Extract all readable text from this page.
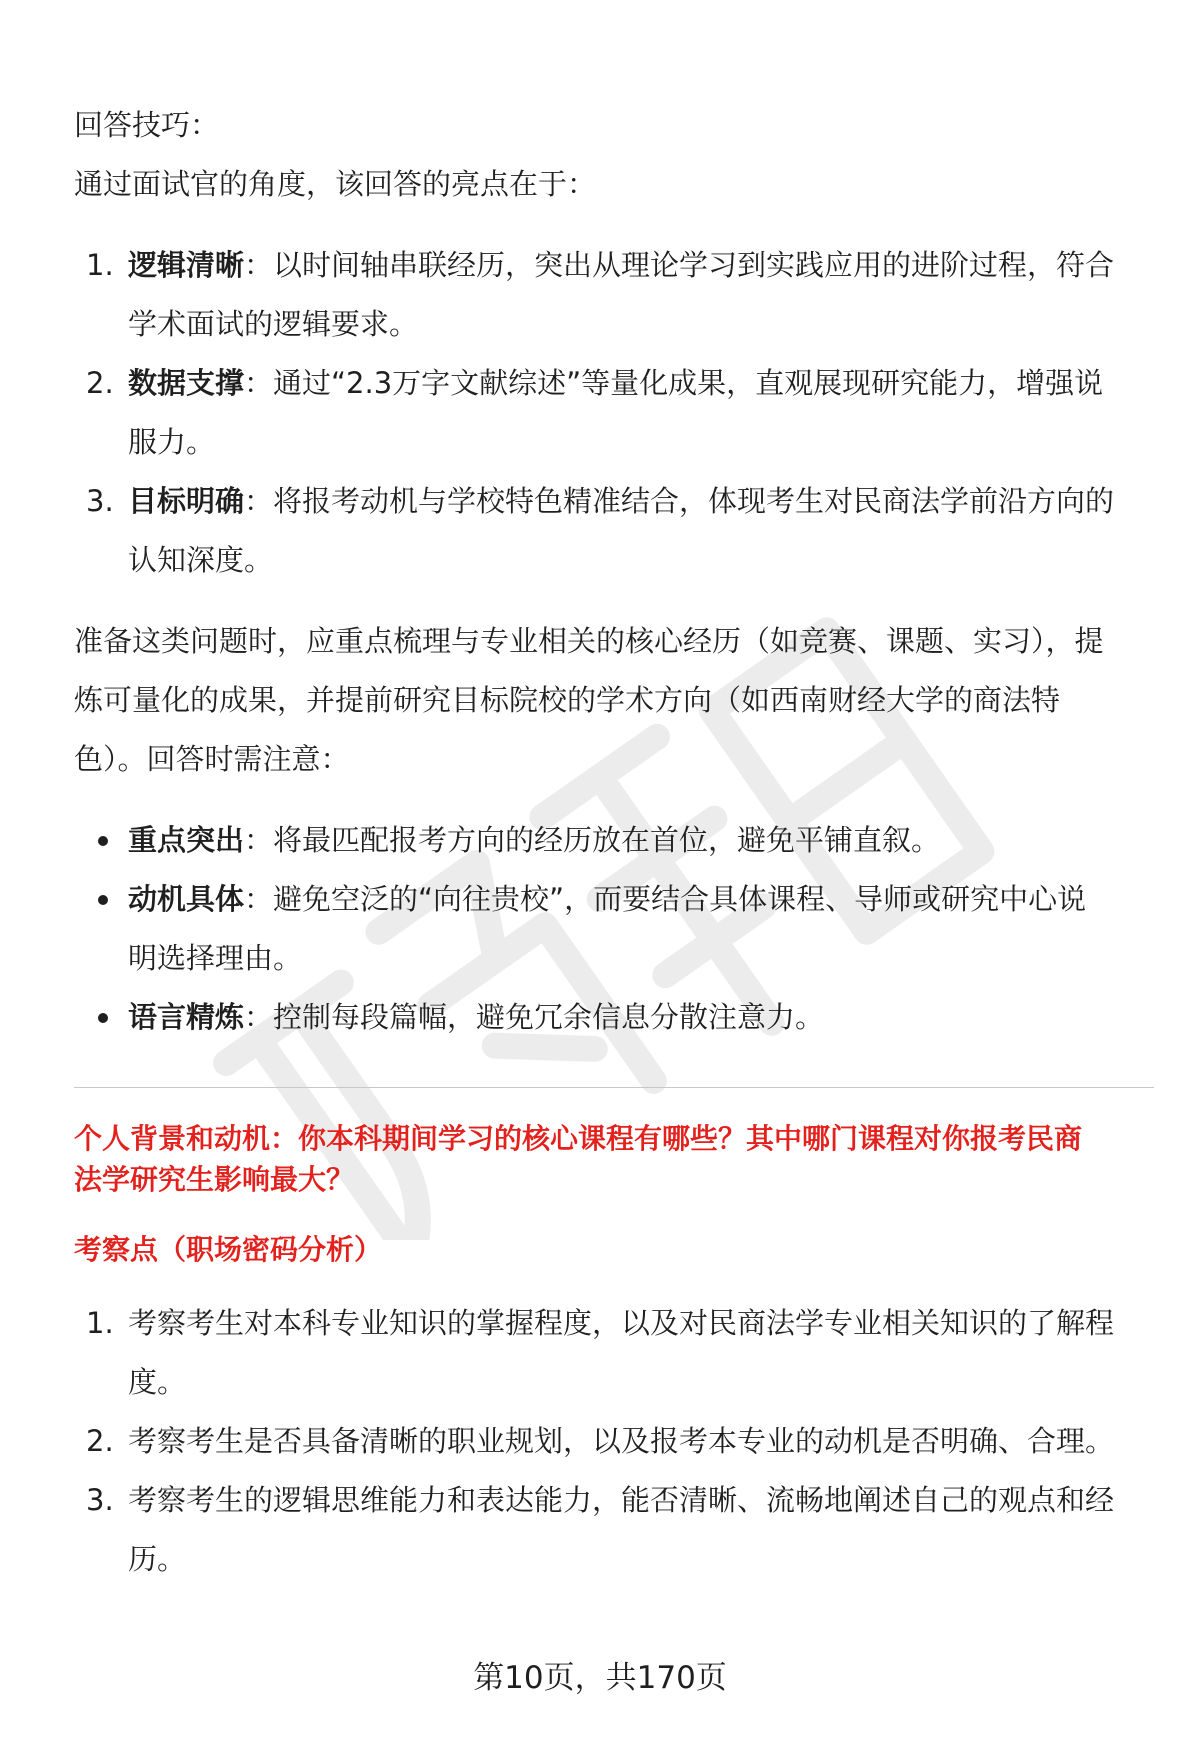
回答技巧：

通过面试官的角度，该回答的亮点在于：

1. 逻辑清晰：以时间轴串联经历，突出从理论学习到实践应用的进阶过程，符合
学术面试的逻辑要求。
2. 数据支撑：通过“2.3万字文献综述”等量化成果，直观展现研究能力，增强说
服力。
3. 目标明确：将报考动机与学校特色精准结合，体现考生对民商法学前沿方向的
认知深度。

准备这类问题时，应重点梳理与专业相关的核心经历（如竞赛、课题、实习），提
炼可量化的成果，并提前研究目标院校的学术方向（如西南财经大学的商法特
色）。回答时需注意：

重点突出：将最匹配报考方向的经历放在首位，避免平铺直叙。
动机具体：避免空泛的“向往贵校”，而要结合具体课程、导师或研究中心说
明选择理由。
语言精炼：控制每段篇幅，避免冗余信息分散注意力。

个人背景和动机：你本科期间学习的核心课程有哪些？其中哪门课程对你报考民商
法学研究生影响最大？

考察点（职场密码分析）

1. 考察考生对本科专业知识的掌握程度，以及对民商法学专业相关知识的了解程
度。
2. 考察考生是否具备清晰的职业规划，以及报考本专业的动机是否明确、合理。
3. 考察考生的逻辑思维能力和表达能力，能否清晰、流畅地阐述自己的观点和经
历。
第10页，共170页
